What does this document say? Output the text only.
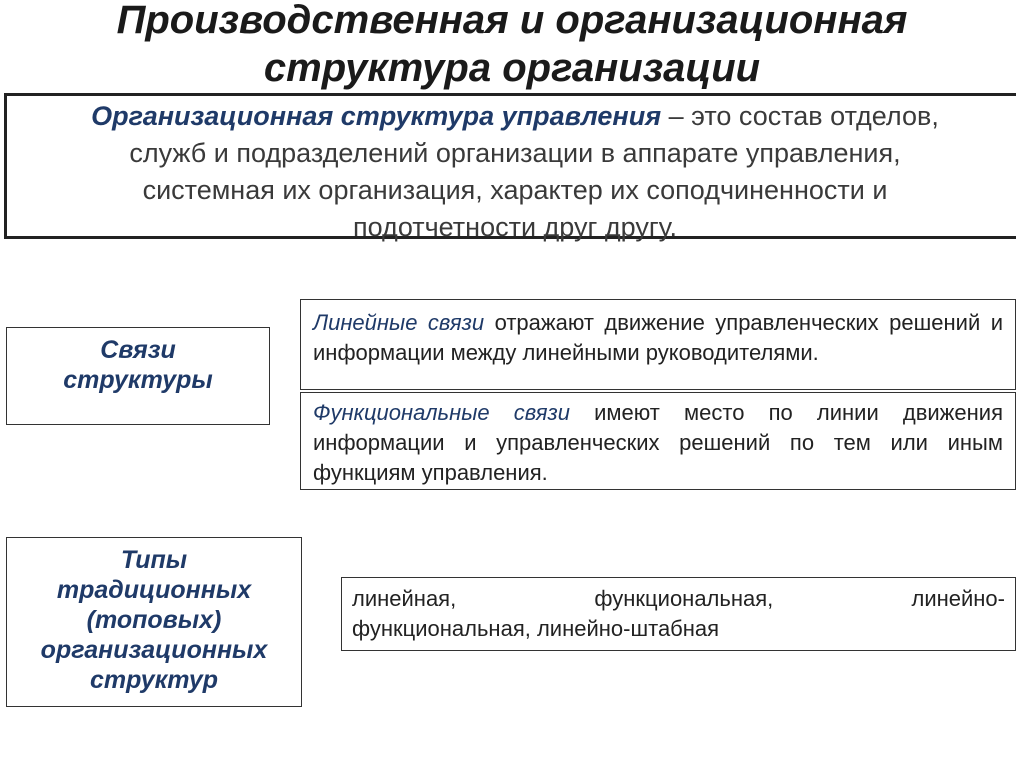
Производственная и организационная
структура организации
Организационная структура управления – это состав отделов, служб и подразделений организации в аппарате управления, системная их организация, характер их соподчиненности и подотчетности друг другу.
Связи
структуры
Линейные связи отражают движение управленческих решений и информации между линейными руководителями.
Функциональные связи имеют место по линии движения информации и управленческих решений по тем или иным функциям управления.
Типы
традиционных
(топовых)
организационных
структур
линейная,	функциональная,	линейно-
функциональная, линейно-штабная
